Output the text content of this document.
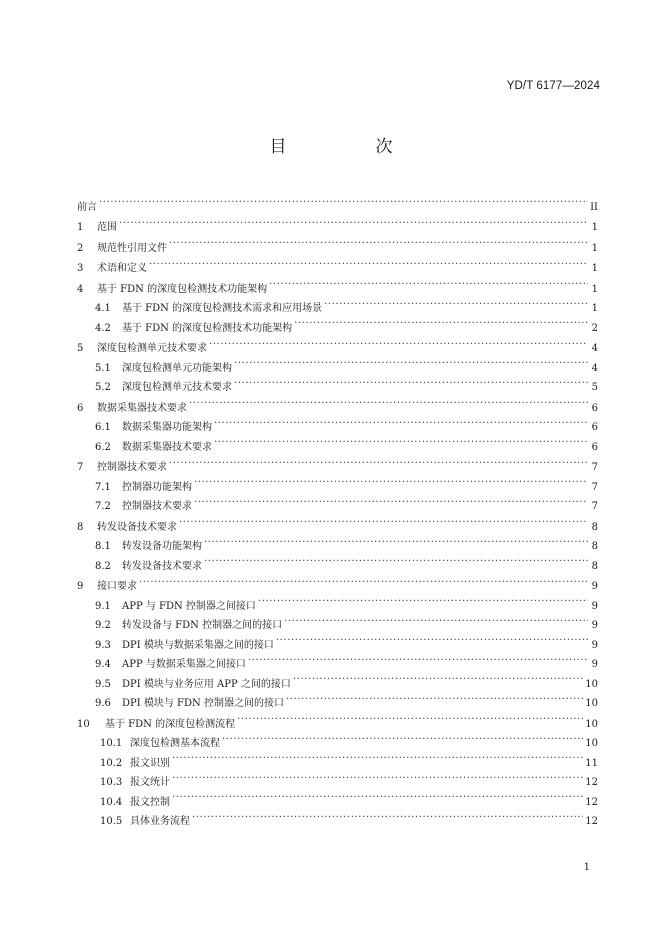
YD/T 6177—2024
目　次
前言 .....	II
1	范围 .....	1
2	规范性引用文件 .....	1
3	术语和定义 .....	1
4	基于 FDN 的深度包检测技术功能架构 .....	1
4.1	基于 FDN 的深度包检测技术需求和应用场景 .....	1
4.2	基于 FDN 的深度包检测技术功能架构 .....	2
5	深度包检测单元技术要求 .....	4
5.1	深度包检测单元功能架构 .....	4
5.2	深度包检测单元技术要求 .....	5
6	数据采集器技术要求 .....	6
6.1	数据采集器功能架构 .....	6
6.2	数据采集器技术要求 .....	6
7	控制器技术要求 .....	7
7.1	控制器功能架构 .....	7
7.2	控制器技术要求 .....	7
8	转发设备技术要求 .....	8
8.1	转发设备功能架构 .....	8
8.2	转发设备技术要求 .....	8
9	接口要求 .....	9
9.1	APP 与 FDN 控制器之间接口 .....	9
9.2	转发设备与 FDN 控制器之间的接口 .....	9
9.3	DPI 模块与数据采集器之间的接口 .....	9
9.4	APP 与数据采集器之间接口 .....	9
9.5	DPI 模块与业务应用 APP 之间的接口 .....	10
9.6	DPI 模块与 FDN 控制器之间的接口 .....	10
10	基于 FDN 的深度包检测流程 .....	10
10.1 深度包检测基本流程 .....	10
10.2 报文识别 .....	11
10.3 报文统计 .....	12
10.4 报文控制 .....	12
10.5 具体业务流程 .....	12
1
